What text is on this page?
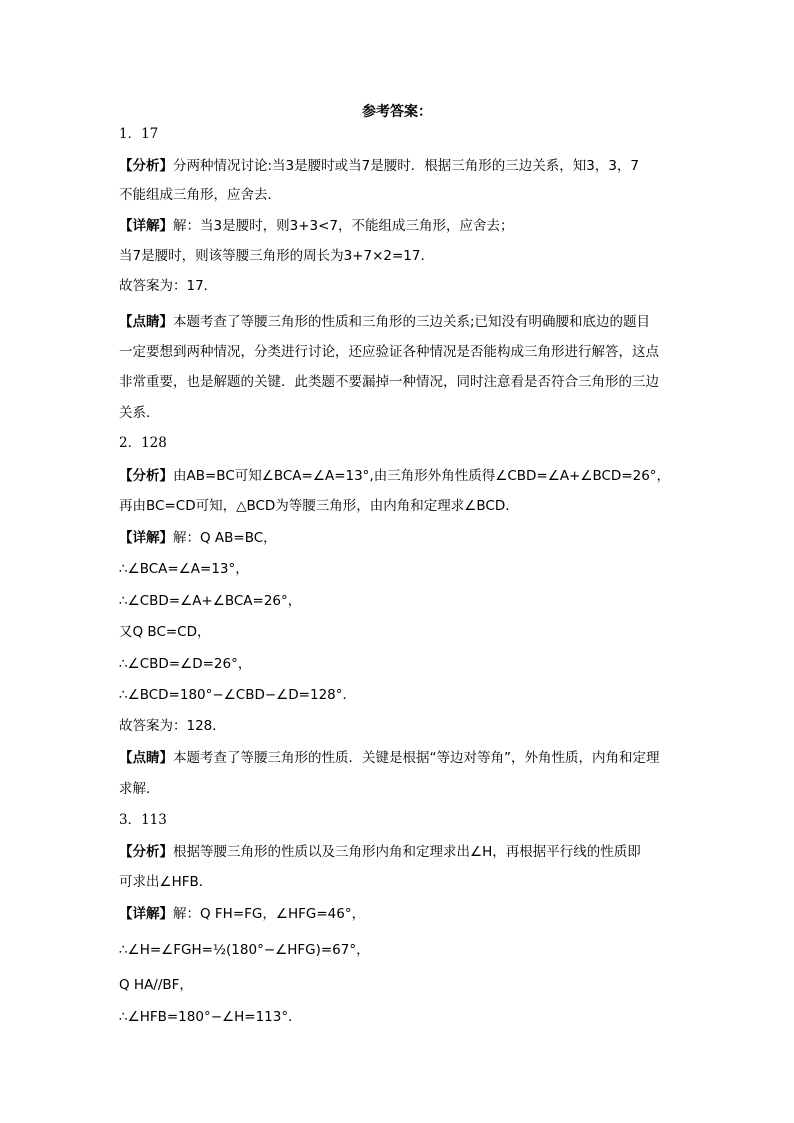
参考答案：
1．17
【分析】分两种情况讨论:当3是腰时或当7是腰时．根据三角形的三边关系，知3，3，7
不能组成三角形，应舍去．
【详解】解：当3是腰时，则3+3<7，不能组成三角形，应舍去；
当7是腰时，则该等腰三角形的周长为3+7×2=17．
故答案为：17．
【点睛】本题考查了等腰三角形的性质和三角形的三边关系;已知没有明确腰和底边的题目
一定要想到两种情况，分类进行讨论，还应验证各种情况是否能构成三角形进行解答，这点
非常重要，也是解题的关键．此类题不要漏掉一种情况，同时注意看是否符合三角形的三边
关系．
2．128
【分析】由AB=BC可知∠BCA=∠A=13°,由三角形外角性质得∠CBD=∠A+∠BCD=26°，
再由BC=CD可知，△BCD为等腰三角形，由内角和定理求∠BCD．
【详解】解：Q AB=BC，
∴∠BCA=∠A=13°，
∴∠CBD=∠A+∠BCA=26°，
又Q BC=CD，
∴∠CBD=∠D=26°，
∴∠BCD=180°−∠CBD−∠D=128°．
故答案为：128．
【点睛】本题考查了等腰三角形的性质．关键是根据“等边对等角”，外角性质，内角和定理
求解．
3．113
【分析】根据等腰三角形的性质以及三角形内角和定理求出∠H，再根据平行线的性质即
可求出∠HFB．
【详解】解：Q FH=FG，∠HFG=46°，
∴∠H=∠FGH=½(180°−∠HFG)=67°，
Q HA//BF，
∴∠HFB=180°−∠H=113°．
